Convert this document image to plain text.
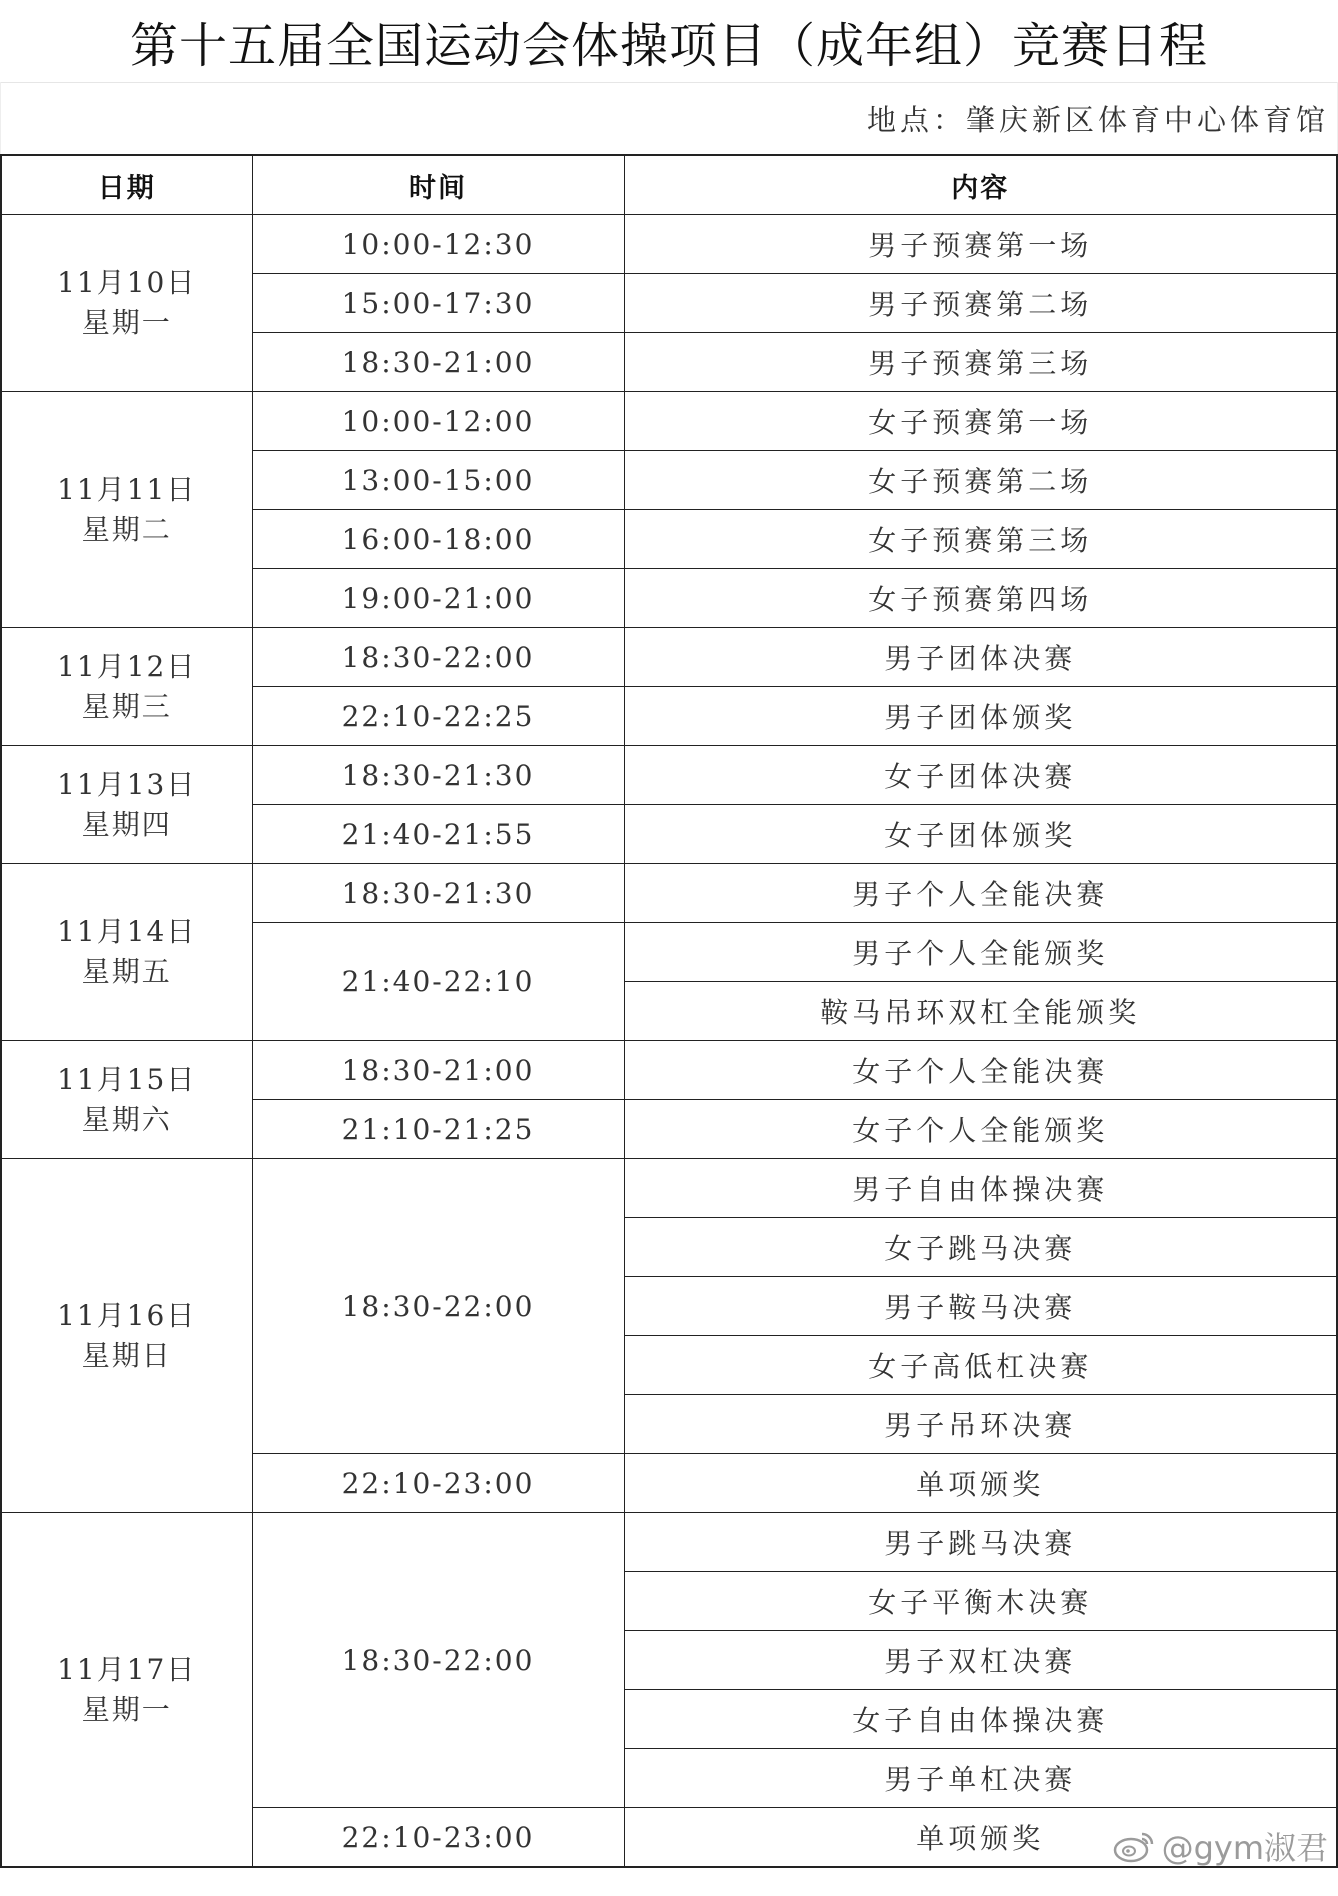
第十五届全国运动会体操项目（成年组）竞赛日程
地点：肇庆新区体育中心体育馆
日期	时间	内容

11月10日
星期一	10:00-12:30	男子预赛第一场
	15:00-17:30	男子预赛第二场
	18:30-21:00	男子预赛第三场

11月11日
星期二	10:00-12:00	女子预赛第一场
	13:00-15:00	女子预赛第二场
	16:00-18:00	女子预赛第三场
	19:00-21:00	女子预赛第四场

11月12日
星期三	18:30-22:00	男子团体决赛
	22:10-22:25	男子团体颁奖

11月13日
星期四	18:30-21:30	女子团体决赛
	21:40-21:55	女子团体颁奖

11月14日
星期五	18:30-21:30	男子个人全能决赛
	21:40-22:10	男子个人全能颁奖
		鞍马吊环双杠全能颁奖

11月15日
星期六	18:30-21:00	女子个人全能决赛
	21:10-21:25	女子个人全能颁奖

11月16日
星期日	18:30-22:00	男子自由体操决赛
		女子跳马决赛
		男子鞍马决赛
		女子高低杠决赛
		男子吊环决赛
	22:10-23:00	单项颁奖

11月17日
星期一	18:30-22:00	男子跳马决赛
		女子平衡木决赛
		男子双杠决赛
		女子自由体操决赛
		男子单杠决赛
	22:10-23:00	单项颁奖	@gym淑君
